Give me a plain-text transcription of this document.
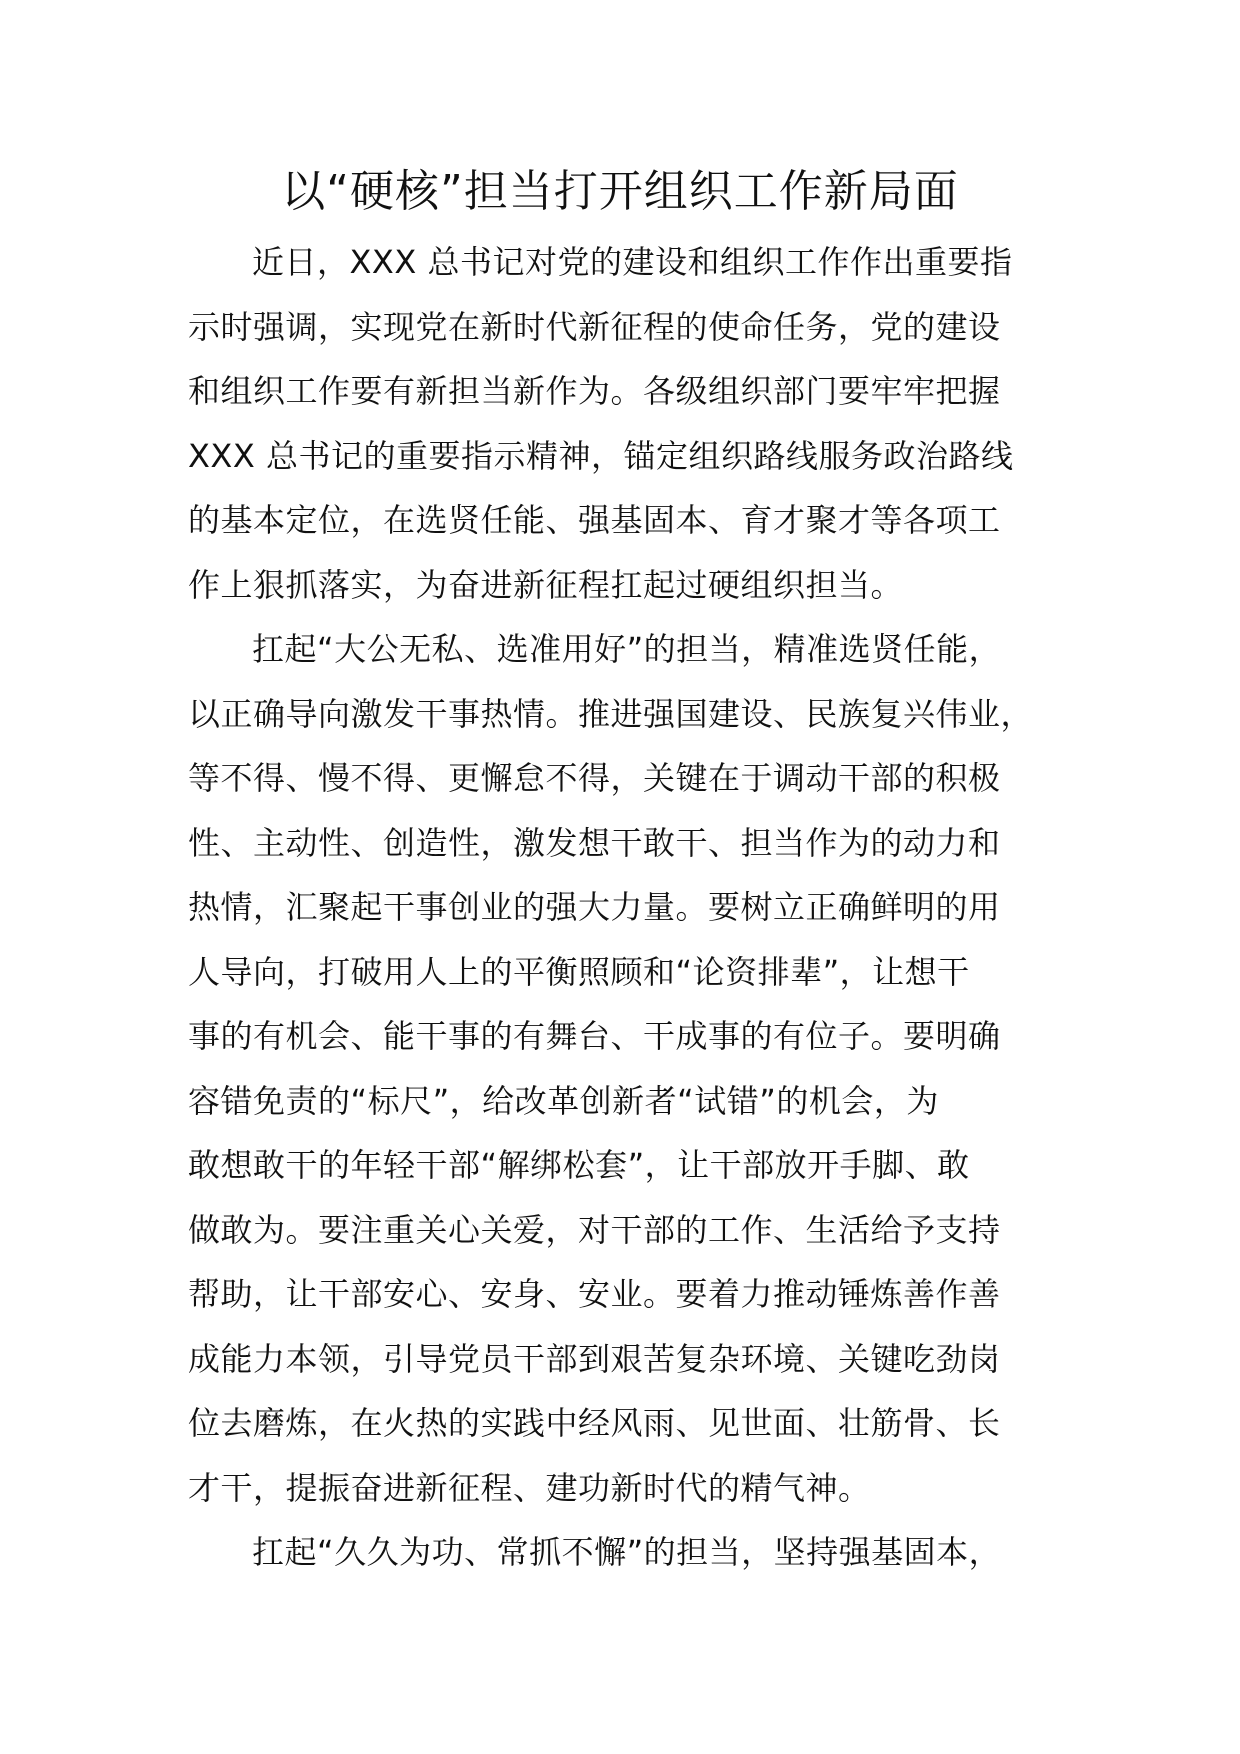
以“硬核”担当打开组织工作新局面
近日，XXX 总书记对党的建设和组织工作作出重要指
示时强调，实现党在新时代新征程的使命任务，党的建设
和组织工作要有新担当新作为。各级组织部门要牢牢把握
XXX 总书记的重要指示精神，锚定组织路线服务政治路线
的基本定位，在选贤任能、强基固本、育才聚才等各项工
作上狠抓落实，为奋进新征程扛起过硬组织担当。
扛起“大公无私、选准用好”的担当，精准选贤任能，
以正确导向激发干事热情。推进强国建设、民族复兴伟业，
等不得、慢不得、更懈怠不得，关键在于调动干部的积极
性、主动性、创造性，激发想干敢干、担当作为的动力和
热情，汇聚起干事创业的强大力量。要树立正确鲜明的用
人导向，打破用人上的平衡照顾和“论资排辈”，让想干
事的有机会、能干事的有舞台、干成事的有位子。要明确
容错免责的“标尺”，给改革创新者“试错”的机会，为
敢想敢干的年轻干部“解绑松套”，让干部放开手脚、敢
做敢为。要注重关心关爱，对干部的工作、生活给予支持
帮助，让干部安心、安身、安业。要着力推动锤炼善作善
成能力本领，引导党员干部到艰苦复杂环境、关键吃劲岗
位去磨炼，在火热的实践中经风雨、见世面、壮筋骨、长
才干，提振奋进新征程、建功新时代的精气神。
扛起“久久为功、常抓不懈”的担当，坚持强基固本，
